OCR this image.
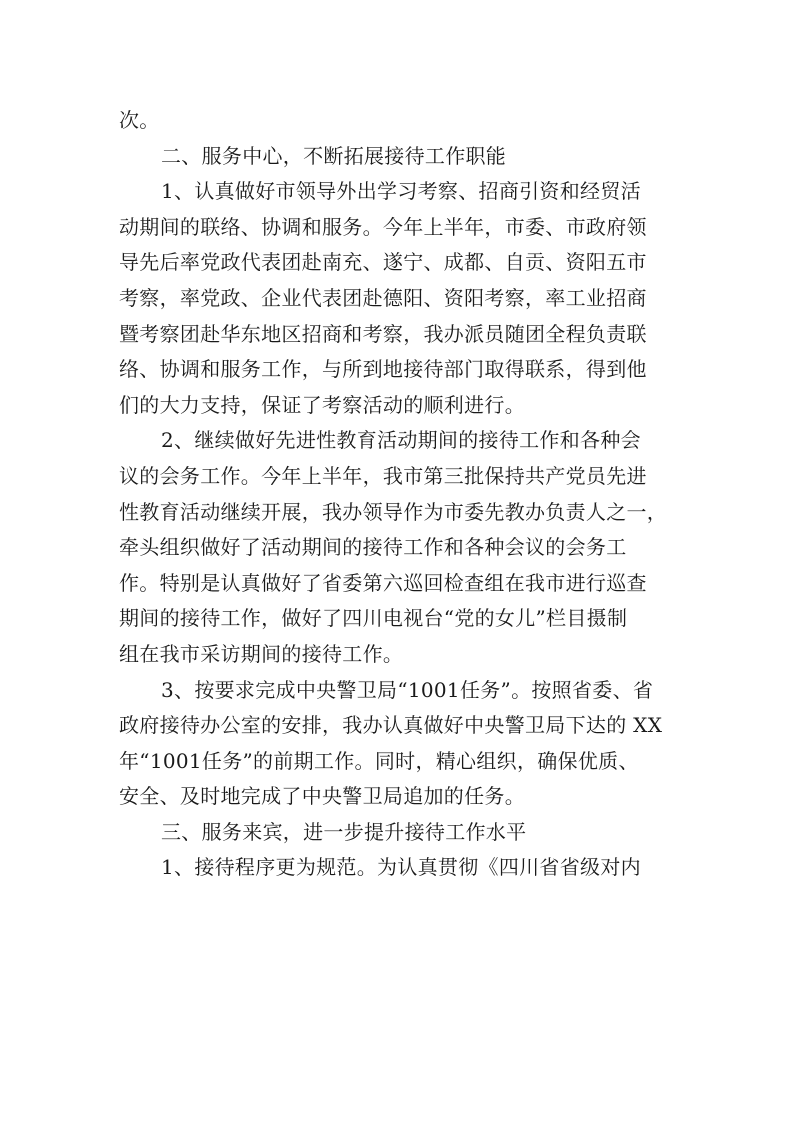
次。
二、服务中心，不断拓展接待工作职能
1、认真做好市领导外出学习考察、招商引资和经贸活
动期间的联络、协调和服务。今年上半年，市委、市政府领
导先后率党政代表团赴南充、遂宁、成都、自贡、资阳五市
考察，率党政、企业代表团赴德阳、资阳考察，率工业招商
暨考察团赴华东地区招商和考察，我办派员随团全程负责联
络、协调和服务工作，与所到地接待部门取得联系，得到他
们的大力支持，保证了考察活动的顺利进行。
2、继续做好先进性教育活动期间的接待工作和各种会
议的会务工作。今年上半年，我市第三批保持共产党员先进
性教育活动继续开展，我办领导作为市委先教办负责人之一，
牵头组织做好了活动期间的接待工作和各种会议的会务工
作。特别是认真做好了省委第六巡回检查组在我市进行巡查
期间的接待工作，做好了四川电视台“党的女儿”栏目摄制
组在我市采访期间的接待工作。
3、按要求完成中央警卫局“1001任务”。按照省委、省
政府接待办公室的安排，我办认真做好中央警卫局下达的 XX
年“1001任务”的前期工作。同时，精心组织，确保优质、
安全、及时地完成了中央警卫局追加的任务。
三、服务来宾，进一步提升接待工作水平
1、接待程序更为规范。为认真贯彻《四川省省级对内
